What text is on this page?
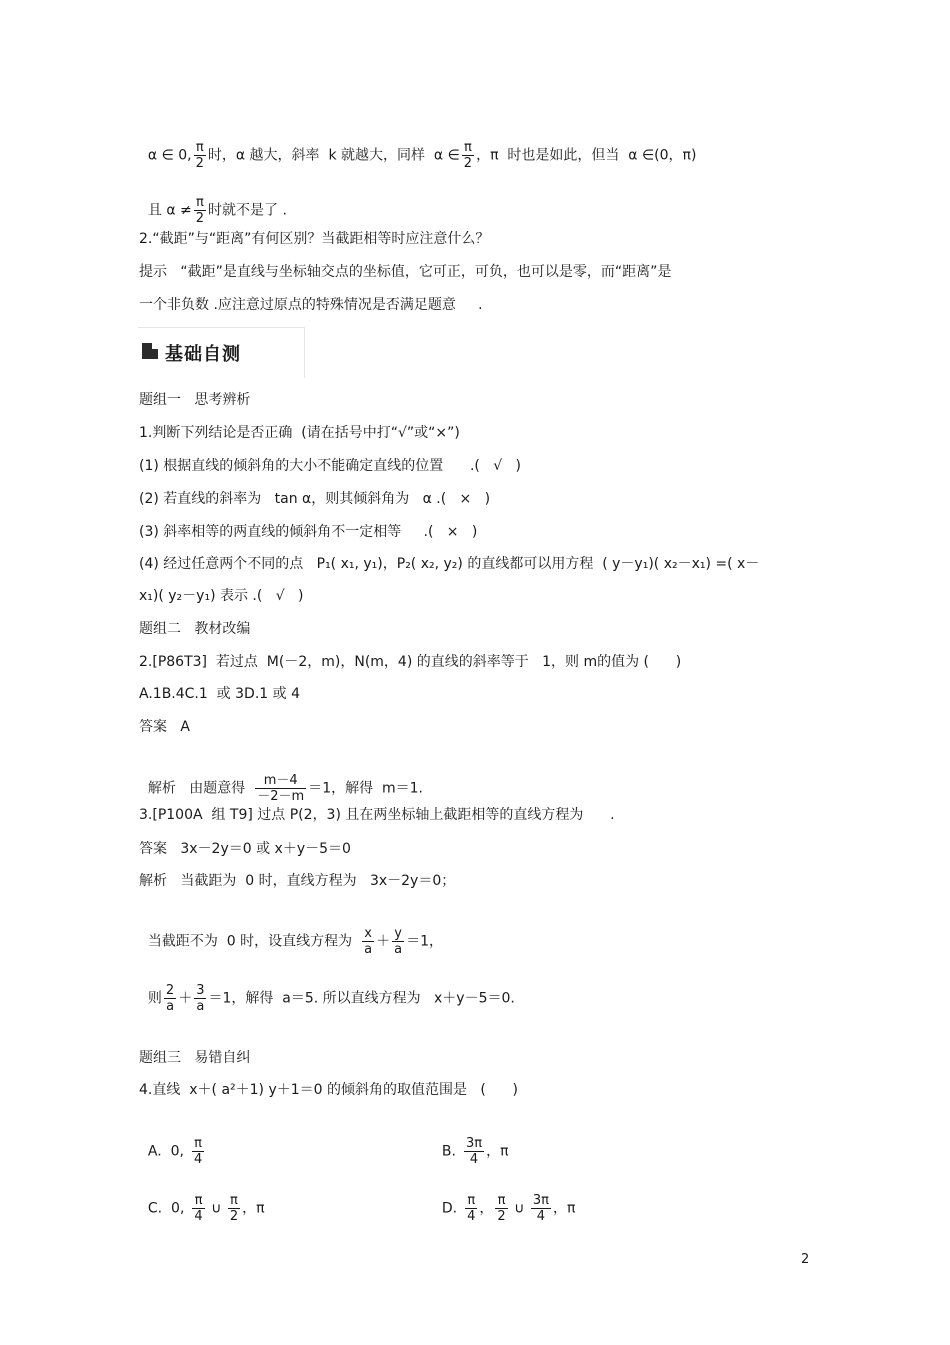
α ∈ 0, $\frac{\pi}{2}$ 时，α 越大，斜率  k 就越大，同样  α ∈ $\frac{\pi}{2}$ ，π  时也是如此，但当  α ∈(0，π)

且 $\alpha \ne \frac{\pi}{2}$ 时就不是了 .

2.“截距”与“距离”有何区别？当截距相等时应注意什么？
提示   “截距”是直线与坐标轴交点的坐标值，它可正，可负，也可以是零，而“距离”是
一个非负数 .应注意过原点的特殊情况是否满足题意     .
基础自测
题组一   思考辨析
1.判断下列结论是否正确  (请在括号中打“√”或“×”)
(1) 根据直线的倾斜角的大小不能确定直线的位置      .(   √   )
(2) 若直线的斜率为   tan α，则其倾斜角为   α .(   ×   )
(3) 斜率相等的两直线的倾斜角不一定相等     .(   ×   )
(4) 经过任意两个不同的点   P₁( x₁, y₁)，P₂( x₂, y₂) 的直线都可以用方程  ( y－y₁)( x₂－x₁) =( x－
x₁)( y₂－y₁) 表示 .(   √   )
题组二   教材改编
2.[P86T3]  若过点  M(－2，m)，N(m，4) 的直线的斜率等于   1，则 m的值为 (      )
A.1B.4C.1  或 3D.1 或 4
答案   A

解析   由题意得 $\frac{m-4}{-2-m} =1$，解得  m＝1.

3.[P100A  组 T9] 过点 P(2，3) 且在两坐标轴上截距相等的直线方程为      .
答案   3x－2y＝0 或 x＋y－5＝0
解析   当截距为  0 时，直线方程为   3x－2y＝0；

当截距不为  0 时，设直线方程为 $\frac{x}{a} + \frac{y}{a} =1$，

则 $\frac{2}{a} + \frac{3}{a} =1$，解得  a＝5. 所以直线方程为   x＋y－5＝0.

题组三   易错自纠
4.直线  x＋( a²＋1) y＋1＝0 的倾斜角的取值范围是   (      )

A.  0, $\frac{\pi}{4}$	B. $\frac{3\pi}{4}$ ，π

C.  0, $\frac{\pi}{4}$ ∪ $\frac{\pi}{2}$ ，π	D. $\frac{\pi}{4}$ ， $\frac{\pi}{2}$ ∪ $\frac{3\pi}{4}$ ，π

2
